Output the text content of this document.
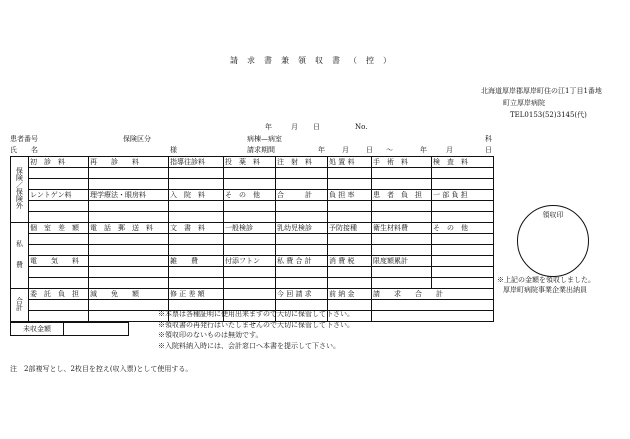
請求書兼領収書（控）
北海道厚岸郡厚岸町住の江1丁目1番地
町立厚岸病院
TEL0153(52)3145(代)
年	月 日	No.
患者番号	保険区分	病棟—病室	科
氏　　名	様	請求期間	年 月 日 〜	年	月	日
保険／保険外	初　診　料	再　　診　　料	指導往診料	投　薬　料	注　射　料	処 置 料	手　術　料	検　査　料

	レントゲン料	理学療法・眼房料	入　院　料	そ　の　他	合　　　計	負 担 率	患　者　負　担	一 部 負 担

私　　費	個　室　差　額	電　話　郵　送　料	文　書　料	一般検診	乳幼児検診	予防接種	衛生材料費	そ　の　他

	電　　気　　料		雑　　費	付添フトン	私 費 合 計	消 費 税	限度額累計	

合計	委　託　負　担	減　　免　　額	修 正 差 額		今 回 請 求	前 納 金	請　　求　　合　　計	

領収印
※上記の金額を領収しました。
厚岸町病院事業企業出納員
未収金額
※本票は各種証明に使用出来ますので大切に保管して下さい。
※領収書の再発行はいたしませんので大切に保管して下さい。
※領収印のないものは無効です。
※入院料納入時には、会計窓口へ本書を提示して下さい。
注　2部複写とし、2枚目を控え(収入票)として使用する。
